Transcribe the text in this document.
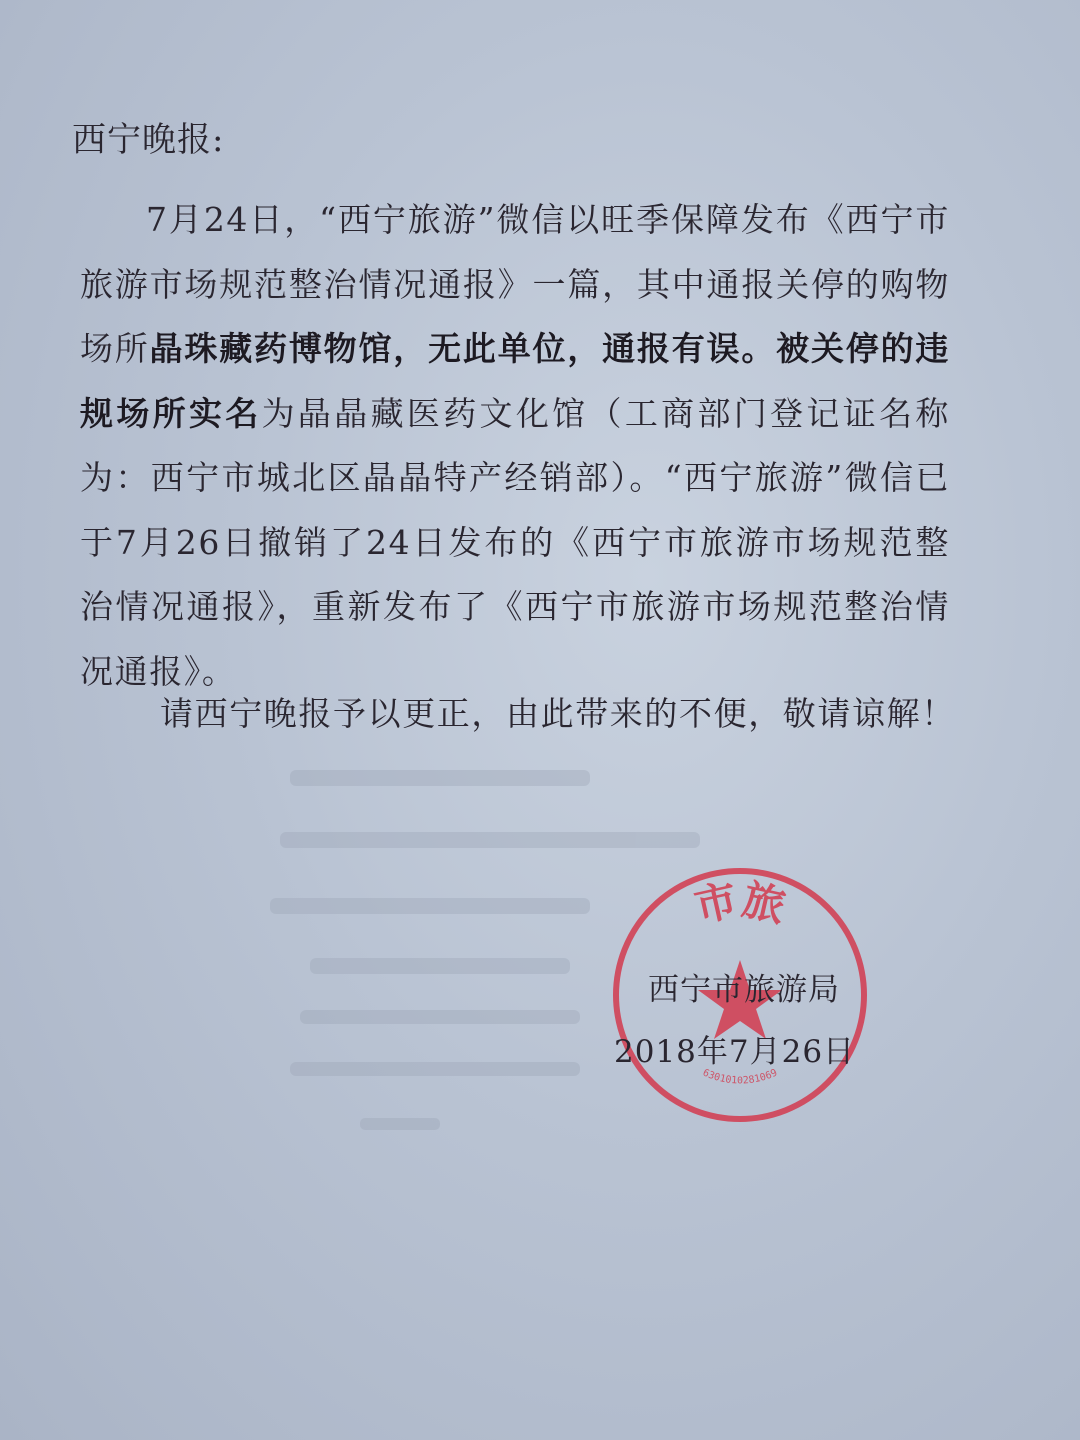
西宁晚报:

7月24日，“西宁旅游”微信以旺季保障发布《西宁市旅游市场规范整治情况通报》一篇，其中通报关停的购物场所晶珠藏药博物馆，无此单位，通报有误。被关停的违规场所实名为晶晶藏医药文化馆（工商部门登记证名称为：西宁市城北区晶晶特产经销部）。“西宁旅游”微信已于7月26日撤销了24日发布的《西宁市旅游市场规范整治情况通报》，重新发布了《西宁市旅游市场规范整治情况通报》。

请西宁晚报予以更正，由此带来的不便，敬请谅解！

市旅
6301010281069

西宁市旅游局

2018年7月26日
